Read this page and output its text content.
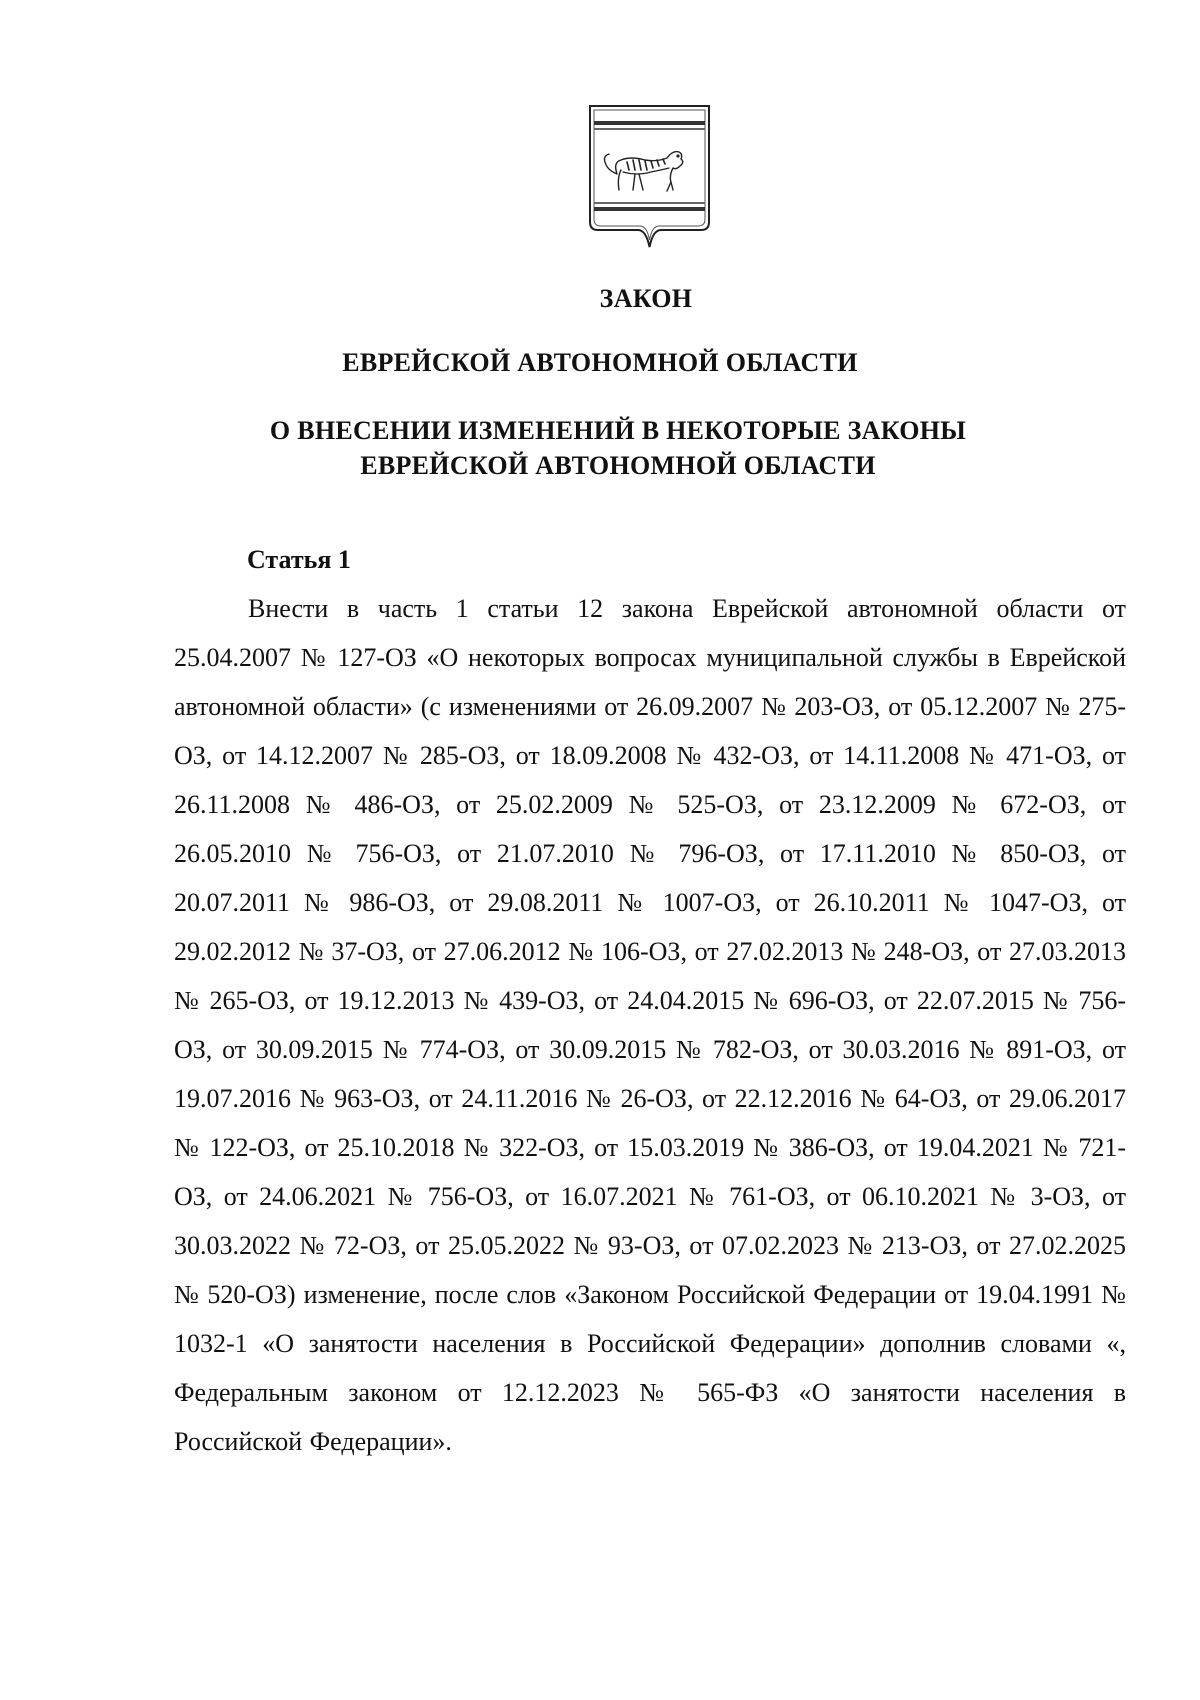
ЗАКОН
ЕВРЕЙСКОЙ АВТОНОМНОЙ ОБЛАСТИ
О ВНЕСЕНИИ ИЗМЕНЕНИЙ В НЕКОТОРЫЕ ЗАКОНЫ ЕВРЕЙСКОЙ АВТОНОМНОЙ ОБЛАСТИ
Статья 1

Внести в часть 1 статьи 12 закона Еврейской автономной области от 25.04.2007 № 127-ОЗ «О некоторых вопросах муниципальной службы в Еврейской автономной области» (с изменениями от 26.09.2007 № 203-ОЗ, от 05.12.2007 № 275-ОЗ, от 14.12.2007 № 285-ОЗ, от 18.09.2008 № 432-ОЗ, от 14.11.2008 № 471-ОЗ, от 26.11.2008 № 486-ОЗ, от 25.02.2009 № 525-ОЗ, от 23.12.2009 № 672-ОЗ, от 26.05.2010 № 756-ОЗ, от 21.07.2010 № 796-ОЗ, от 17.11.2010 № 850-ОЗ, от 20.07.2011 № 986-ОЗ, от 29.08.2011 № 1007-ОЗ, от 26.10.2011 № 1047-ОЗ, от 29.02.2012 № 37-ОЗ, от 27.06.2012 № 106-ОЗ, от 27.02.2013 № 248-ОЗ, от 27.03.2013 № 265-ОЗ, от 19.12.2013 № 439-ОЗ, от 24.04.2015 № 696-ОЗ, от 22.07.2015 № 756-ОЗ, от 30.09.2015 № 774-ОЗ, от 30.09.2015 № 782-ОЗ, от 30.03.2016 № 891-ОЗ, от 19.07.2016 № 963-ОЗ, от 24.11.2016 № 26-ОЗ, от 22.12.2016 № 64-ОЗ, от 29.06.2017 № 122-ОЗ, от 25.10.2018 № 322-ОЗ, от 15.03.2019 № 386-ОЗ, от 19.04.2021 № 721-ОЗ, от 24.06.2021 № 756-ОЗ, от 16.07.2021 № 761-ОЗ, от 06.10.2021 № 3-ОЗ, от 30.03.2022 № 72-ОЗ, от 25.05.2022 № 93-ОЗ, от 07.02.2023 № 213-ОЗ, от 27.02.2025 № 520-ОЗ) изменение, после слов «Законом Российской Федерации от 19.04.1991 № 1032-1 «О занятости населения в Российской Федерации» дополнив словами «, Федеральным законом от 12.12.2023 № 565-ФЗ «О занятости населения в Российской Федерации».
